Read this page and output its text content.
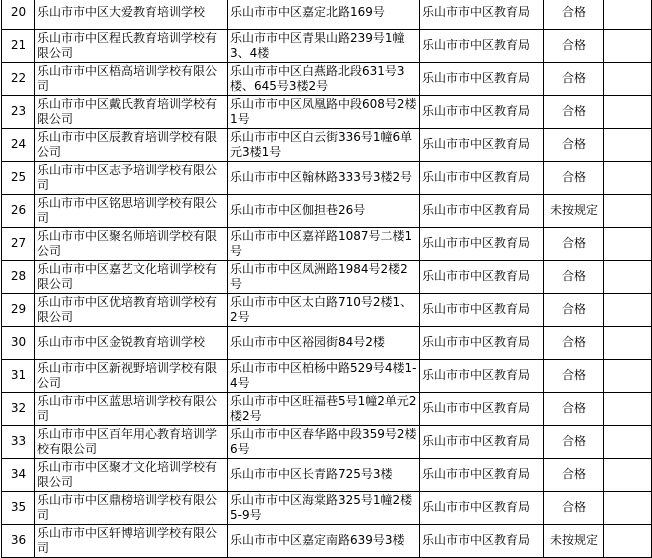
20	乐山市市中区大爱教育培训学校	乐山市市中区嘉定北路169号	乐山市市中区教育局	合格	
21	乐山市市中区程氏教育培训学校有限公司	乐山市市中区青果山路239号1幢3、4楼	乐山市市中区教育局	合格	
22	乐山市市中区梧高培训学校有限公司	乐山市市中区白燕路北段631号3楼、645号3楼2号	乐山市市中区教育局	合格	
23	乐山市市中区戴氏教育培训学校有限公司	乐山市市中区凤凰路中段608号2楼1号	乐山市市中区教育局	合格	
24	乐山市市中区辰教育培训学校有限公司	乐山市市中区白云街336号1幢6单元3楼1号	乐山市市中区教育局	合格	
25	乐山市市中区志予培训学校有限公司	乐山市市中区翰林路333号3楼2号	乐山市市中区教育局	合格	
26	乐山市市中区铭思培训学校有限公司	乐山市市中区伽担巷26号	乐山市市中区教育局	未按规定	
27	乐山市市中区聚名师培训学校有限公司	乐山市市中区嘉祥路1087号二楼1号	乐山市市中区教育局	合格	
28	乐山市市中区嘉艺文化培训学校有限公司	乐山市市中区凤洲路1984号2楼2号	乐山市市中区教育局	合格	
29	乐山市市中区优培教育培训学校有限公司	乐山市市中区太白路710号2楼1、2号	乐山市市中区教育局	合格	
30	乐山市市中区金锐教育培训学校	乐山市市中区裕园街84号2楼	乐山市市中区教育局	合格	
31	乐山市市中区新视野培训学校有限公司	乐山市市中区柏杨中路529号4楼1-4号	乐山市市中区教育局	合格	
32	乐山市市中区蓝思培训学校有限公司	乐山市市中区旺福巷5号1幢2单元2楼2号	乐山市市中区教育局	合格	
33	乐山市市中区百年用心教育培训学校有限公司	乐山市市中区春华路中段359号2楼6号	乐山市市中区教育局	合格	
34	乐山市市中区聚才文化培训学校有限公司	乐山市市中区长青路725号3楼	乐山市市中区教育局	合格	
35	乐山市市中区鼎榜培训学校有限公司	乐山市市中区海棠路325号1幢2楼5-9号	乐山市市中区教育局	合格	
36	乐山市市中区轩博培训学校有限公司	乐山市市中区嘉定南路639号3楼	乐山市市中区教育局	未按规定	
